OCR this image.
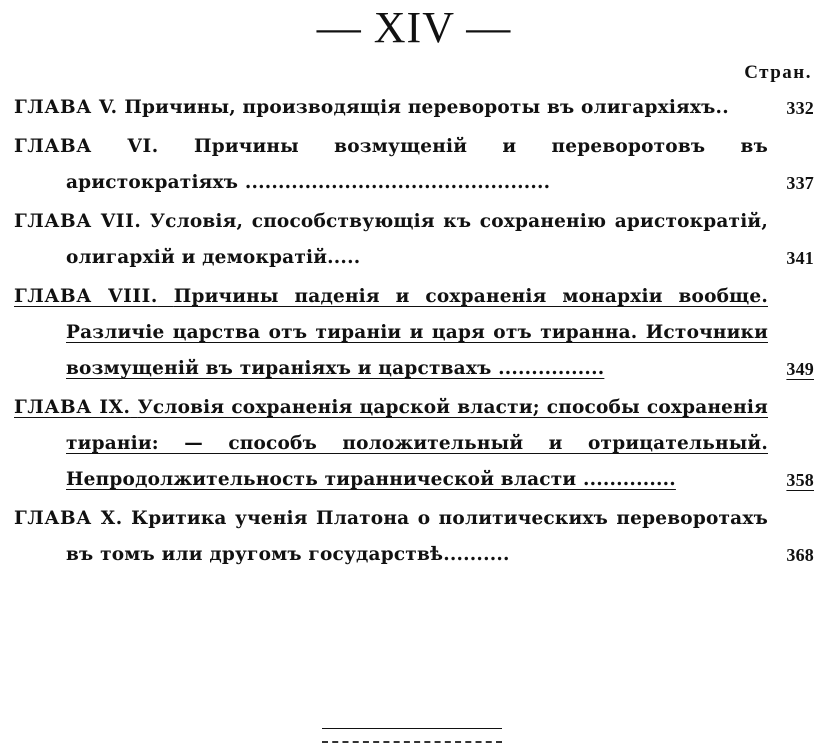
— XIV —
Стран.
ГЛАВА V. Причины, производящія перевороты въ олигархіяхъ..	332
ГЛАВА VI. Причины возмущеній и переворотовъ въ аристократіяхъ ..............................................	337
ГЛАВА VII. Условія, способствующія къ сохраненію аристократій, олигархій и демократій.....	341
ГЛАВА VIII. Причины паденія и сохраненія монархіи вообще. Различіе царства отъ тираніи и царя отъ тиранна. Источники возмущеній въ тираніяхъ и царствахъ ................	349
ГЛАВА IX. Условія сохраненія царской власти; способы сохраненія тираніи: — способъ положительный и отрицательный. Непродолжительность тираннической власти ..............	358
ГЛАВА X. Критика ученія Платона о политическихъ переворотахъ въ томъ или другомъ государствѣ..........	368
